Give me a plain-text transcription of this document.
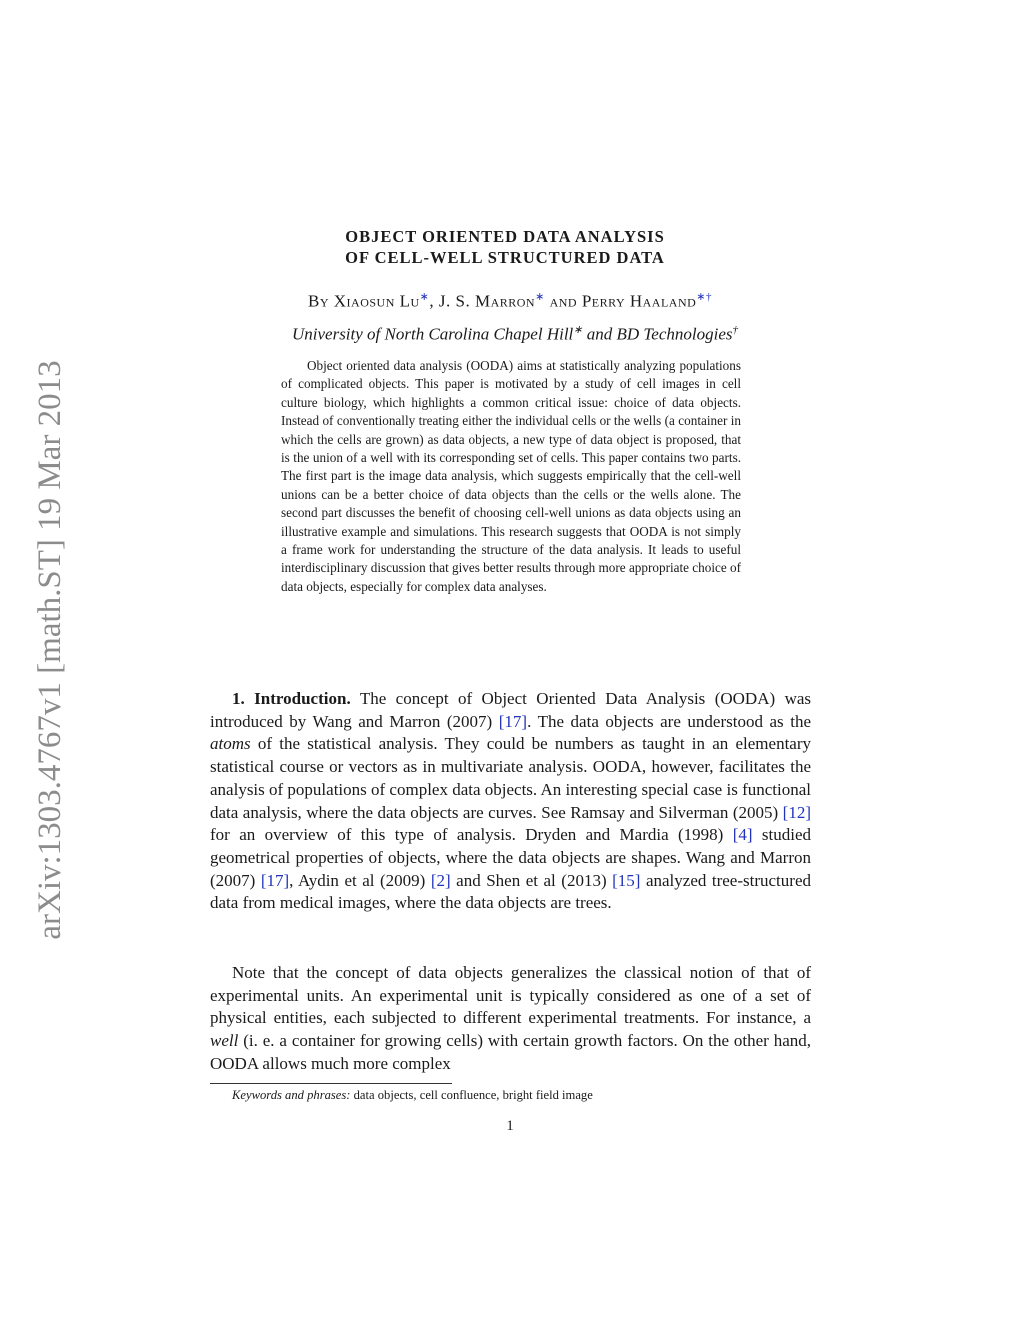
arXiv:1303.4767v1 [math.ST] 19 Mar 2013
OBJECT ORIENTED DATA ANALYSIS
OF CELL-WELL STRUCTURED DATA
By Xiaosun Lu∗, J. S. Marron∗ and Perry Haaland∗†
University of North Carolina Chapel Hill∗ and BD Technologies†
Object oriented data analysis (OODA) aims at statistically analyzing populations of complicated objects. This paper is motivated by a study of cell images in cell culture biology, which highlights a common critical issue: choice of data objects. Instead of conventionally treating either the individual cells or the wells (a container in which the cells are grown) as data objects, a new type of data object is proposed, that is the union of a well with its corresponding set of cells. This paper contains two parts. The first part is the image data analysis, which suggests empirically that the cell-well unions can be a better choice of data objects than the cells or the wells alone. The second part discusses the benefit of choosing cell-well unions as data objects using an illustrative example and simulations. This research suggests that OODA is not simply a frame work for understanding the structure of the data analysis. It leads to useful interdisciplinary discussion that gives better results through more appropriate choice of data objects, especially for complex data analyses.
1. Introduction. The concept of Object Oriented Data Analysis (OODA) was introduced by Wang and Marron (2007) [17]. The data objects are understood as the atoms of the statistical analysis. They could be numbers as taught in an elementary statistical course or vectors as in multivariate analysis. OODA, however, facilitates the analysis of populations of complex data objects. An interesting special case is functional data analysis, where the data objects are curves. See Ramsay and Silverman (2005) [12] for an overview of this type of analysis. Dryden and Mardia (1998) [4] studied geometrical properties of objects, where the data objects are shapes. Wang and Marron (2007) [17], Aydin et al (2009) [2] and Shen et al (2013) [15] analyzed tree-structured data from medical images, where the data objects are trees.
Note that the concept of data objects generalizes the classical notion of that of experimental units. An experimental unit is typically considered as one of a set of physical entities, each subjected to different experimental treatments. For instance, a well (i. e. a container for growing cells) with certain growth factors. On the other hand, OODA allows much more complex
Keywords and phrases: data objects, cell confluence, bright field image
1
